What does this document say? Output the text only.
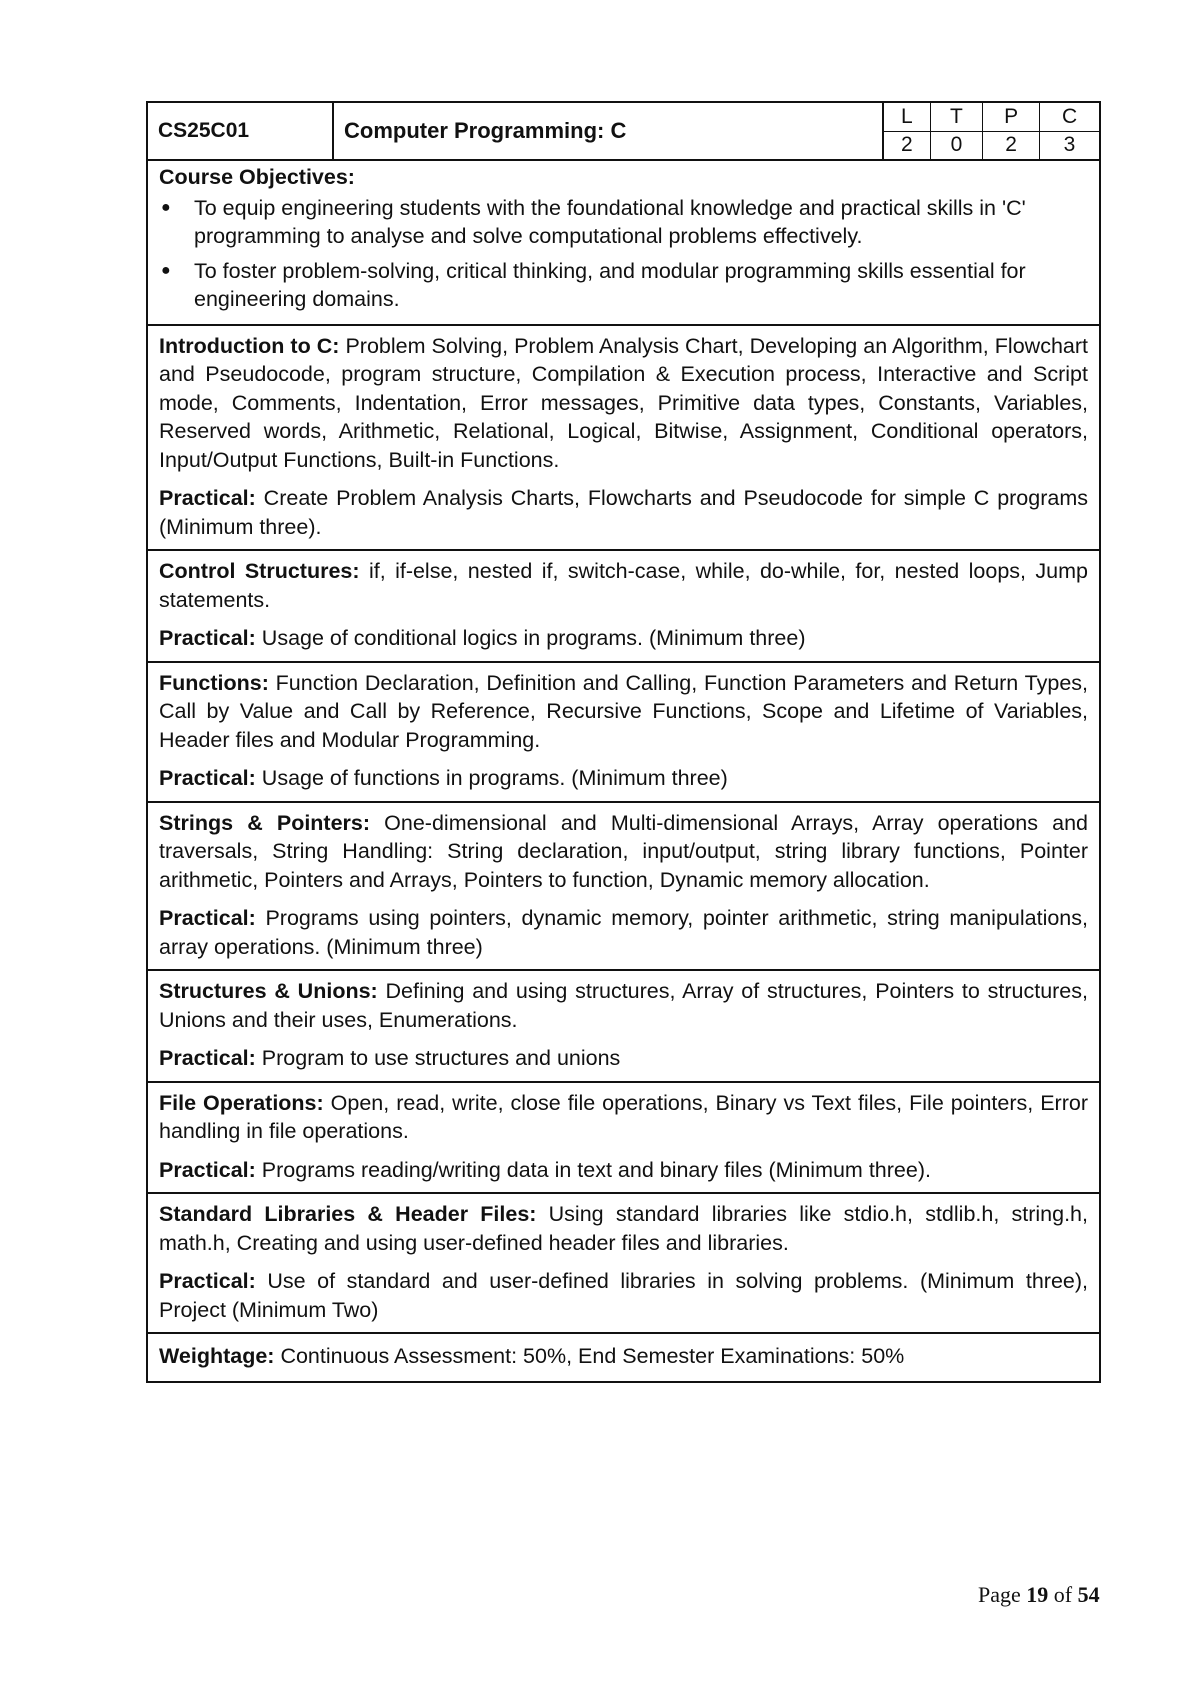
CS25C01	Computer Programming: C	
L	T	P	C
2	0	2	3

Course Objectives:
● To equip engineering students with the foundational knowledge and practical skills in 'C' programming to analyse and solve computational problems effectively.
● To foster problem-solving, critical thinking, and modular programming skills essential for engineering domains.

Introduction to C: Problem Solving, Problem Analysis Chart, Developing an Algorithm, Flowchart and Pseudocode, program structure, Compilation & Execution process, Interactive and Script mode, Comments, Indentation, Error messages, Primitive data types, Constants, Variables, Reserved words, Arithmetic, Relational, Logical, Bitwise, Assignment, Conditional operators, Input/Output Functions, Built-in Functions.

Practical: Create Problem Analysis Charts, Flowcharts and Pseudocode for simple C programs (Minimum three).

Control Structures: if, if-else, nested if, switch-case, while, do-while, for, nested loops, Jump statements.

Practical: Usage of conditional logics in programs. (Minimum three)

Functions: Function Declaration, Definition and Calling, Function Parameters and Return Types, Call by Value and Call by Reference, Recursive Functions, Scope and Lifetime of Variables, Header files and Modular Programming.

Practical: Usage of functions in programs. (Minimum three)

Strings & Pointers: One-dimensional and Multi-dimensional Arrays, Array operations and traversals, String Handling: String declaration, input/output, string library functions, Pointer arithmetic, Pointers and Arrays, Pointers to function, Dynamic memory allocation.

Practical: Programs using pointers, dynamic memory, pointer arithmetic, string manipulations, array operations. (Minimum three)

Structures & Unions: Defining and using structures, Array of structures, Pointers to structures, Unions and their uses, Enumerations.

Practical: Program to use structures and unions

File Operations: Open, read, write, close file operations, Binary vs Text files, File pointers, Error handling in file operations.

Practical: Programs reading/writing data in text and binary files (Minimum three).

Standard Libraries & Header Files: Using standard libraries like stdio.h, stdlib.h, string.h, math.h, Creating and using user-defined header files and libraries.

Practical: Use of standard and user-defined libraries in solving problems. (Minimum three), Project (Minimum Two)

Weightage: Continuous Assessment: 50%, End Semester Examinations: 50%

Page 19 of 54
